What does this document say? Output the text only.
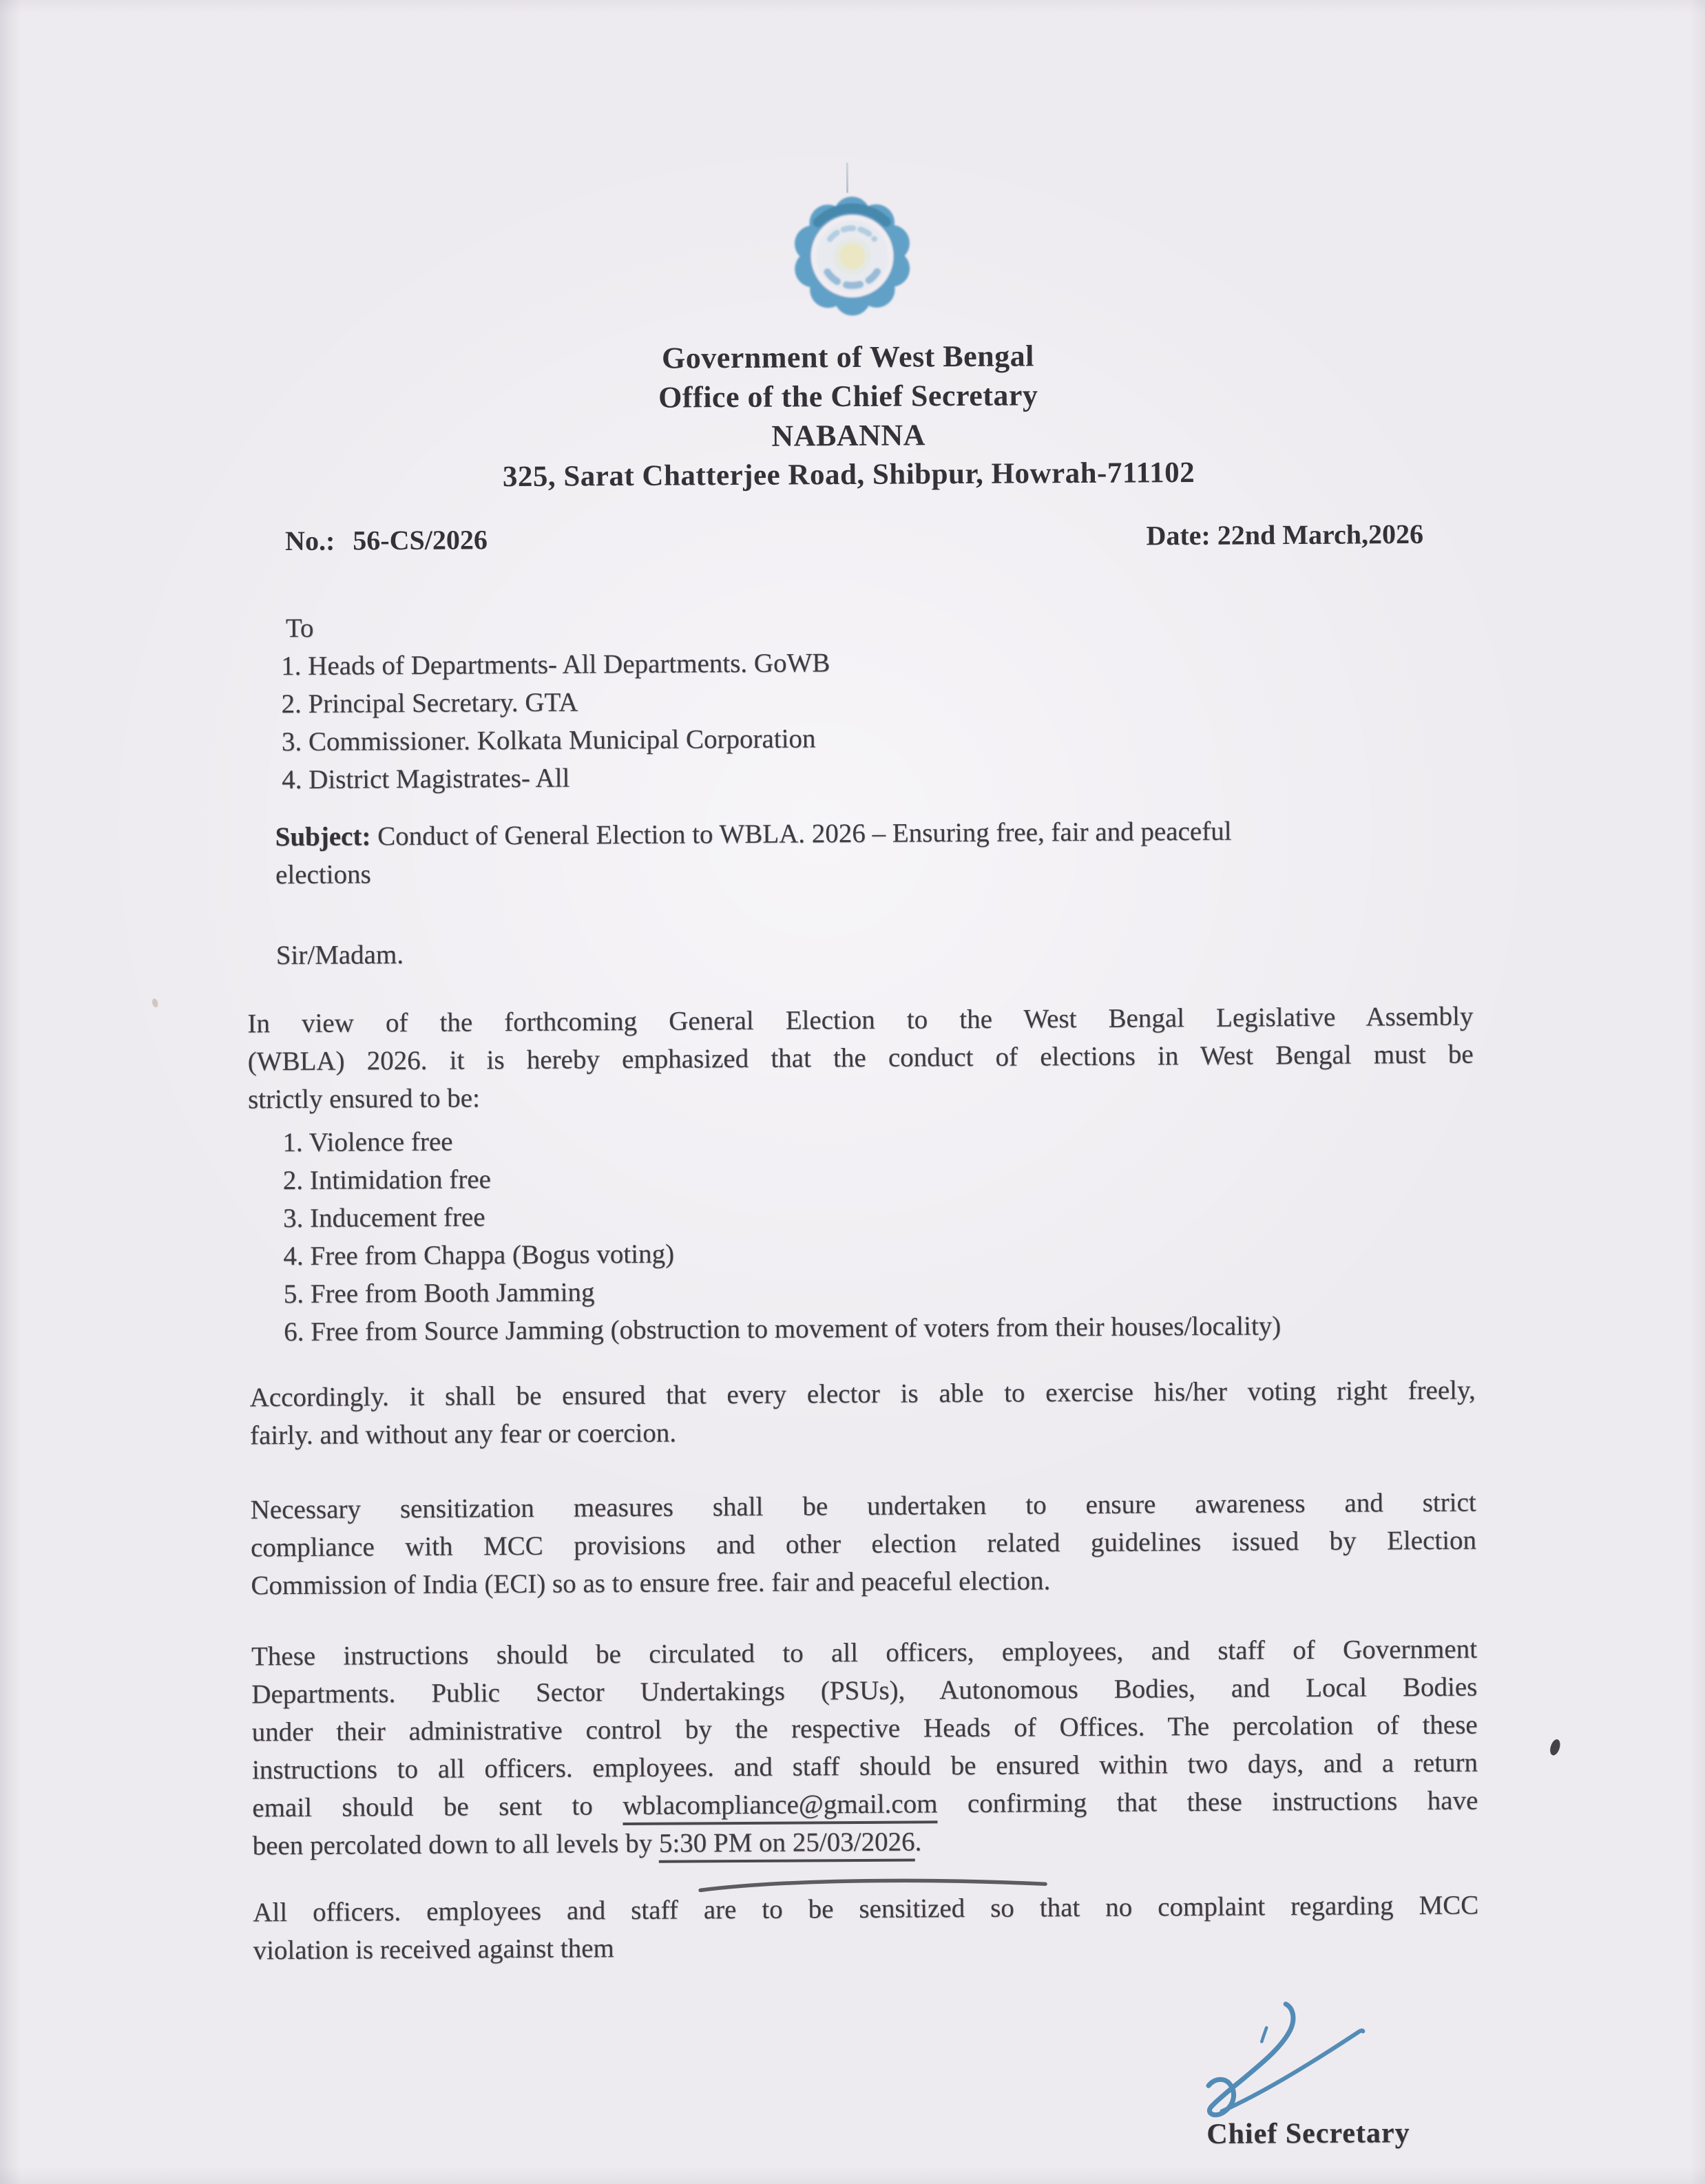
Government of West Bengal
Office of the Chief Secretary
NABANNA
325, Sarat Chatterjee Road, Shibpur, Howrah-711102
No.: 56-CS/2026	Date: 22nd March,2026
To
1. Heads of Departments- All Departments. GoWB
2. Principal Secretary. GTA
3. Commissioner. Kolkata Municipal Corporation
4. District Magistrates- All
Subject: Conduct of General Election to WBLA. 2026 – Ensuring free, fair and peaceful
elections
Sir/Madam.
In view of the forthcoming General Election to the West Bengal Legislative Assembly
(WBLA) 2026. it is hereby emphasized that the conduct of elections in West Bengal must be
strictly ensured to be:
1. Violence free
2. Intimidation free
3. Inducement free
4. Free from Chappa (Bogus voting)
5. Free from Booth Jamming
6. Free from Source Jamming (obstruction to movement of voters from their houses/locality)
Accordingly. it shall be ensured that every elector is able to exercise his/her voting right freely,
fairly. and without any fear or coercion.
Necessary sensitization measures shall be undertaken to ensure awareness and strict
compliance with MCC provisions and other election related guidelines issued by Election
Commission of India (ECI) so as to ensure free. fair and peaceful election.
These instructions should be circulated to all officers, employees, and staff of Government
Departments. Public Sector Undertakings (PSUs), Autonomous Bodies, and Local Bodies
under their administrative control by the respective Heads of Offices. The percolation of these
instructions to all officers. employees. and staff should be ensured within two days, and a return
email should be sent to wblacompliance@gmail.com confirming that these instructions have
been percolated down to all levels by 5:30 PM on 25/03/2026.
All officers. employees and staff are to be sensitized so that no complaint regarding MCC
violation is received against them
Chief Secretary
